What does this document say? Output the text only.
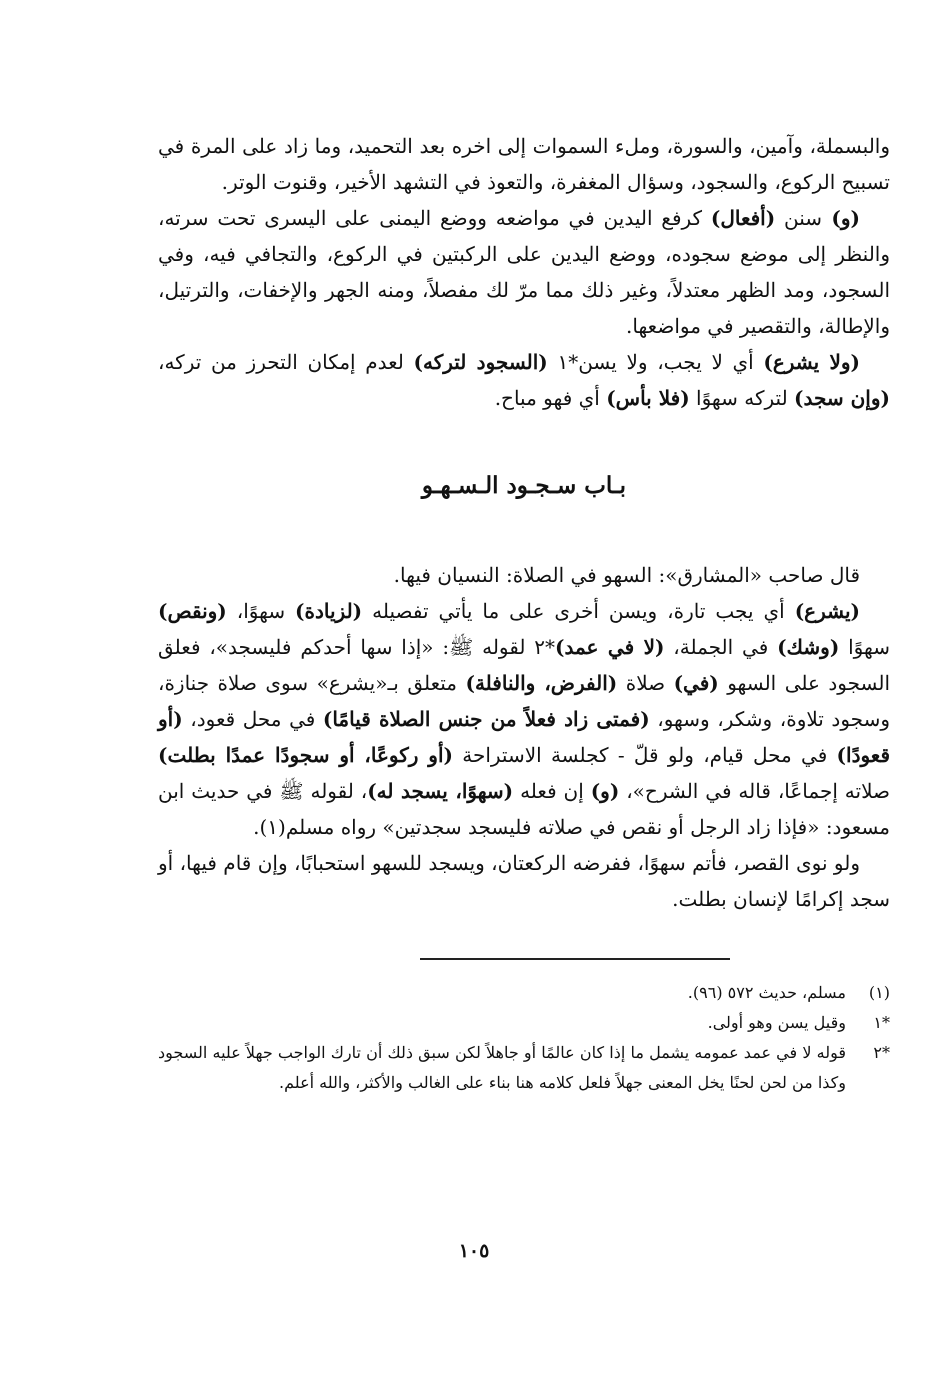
والبسملة، وآمين، والسورة، وملء السموات إلى اخره بعد التحميد، وما زاد على المرة في تسبيح الركوع، والسجود، وسؤال المغفرة، والتعوذ في التشهد الأخير، وقنوت الوتر.

(و) سنن (أفعال) كرفع اليدين في مواضعه ووضع اليمنى على اليسرى تحت سرته، والنظر إلى موضع سجوده، ووضع اليدين على الركبتين في الركوع، والتجافي فيه، وفي السجود، ومد الظهر معتدلاً، وغير ذلك مما مرّ لك مفصلاً، ومنه الجهر والإخفات، والترتيل، والإطالة، والتقصير في مواضعها.

(ولا يشرع) أي لا يجب، ولا يسن*١ (السجود لتركه) لعدم إمكان التحرز من تركه، (وإن سجد) لتركه سهوًا (فلا بأس) أي فهو مباح.

بـاب سـجـود الـسـهـو

قال صاحب «المشارق»: السهو في الصلاة: النسيان فيها.

(يشرع) أي يجب تارة، ويسن أخرى على ما يأتي تفصيله (لزيادة) سهوًا، (ونقص) سهوًا (وشك) في الجملة، (لا في عمد)*٢ لقوله ﷺ: «إذا سها أحدكم فليسجد»، فعلق السجود على السهو (في) صلاة (الفرض، والنافلة) متعلق بـ«يشرع» سوى صلاة جنازة، وسجود تلاوة، وشكر، وسهو، (فمتى زاد فعلاً من جنس الصلاة قيامًا) في محل قعود، (أو قعودًا) في محل قيام، ولو قلّ - كجلسة الاستراحة (أو ركوعًا، أو سجودًا عمدًا بطلت) صلاته إجماعًا، قاله في الشرح»، (و) إن فعله (سهوًا، يسجد له)، لقوله ﷺ في حديث ابن مسعود: «فإذا زاد الرجل أو نقص في صلاته فليسجد سجدتين» رواه مسلم(١).

ولو نوى القصر، فأتم سهوًا، ففرضه الركعتان، ويسجد للسهو استحبابًا، وإن قام فيها، أو سجد إكرامًا لإنسان بطلت.

(١)
مسلم، حديث ٥٧٢ (٩٦).
*١
وقيل يسن وهو أولى.
*٢
قوله لا في عمد عمومه يشمل ما إذا كان عالمًا أو جاهلاً لكن سبق ذلك أن تارك الواجب جهلاً عليه السجود وكذا من لحن لحنًا يخل المعنى جهلاً فلعل كلامه هنا بناء على الغالب والأكثر، والله أعلم.
١٠٥
